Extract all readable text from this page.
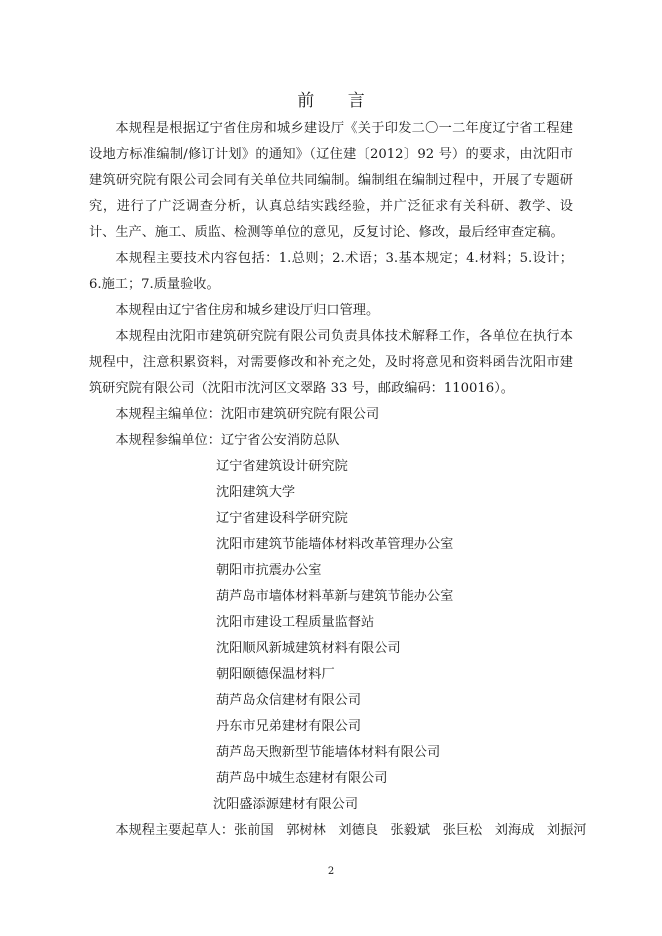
前 言

本规程是根据辽宁省住房和城乡建设厅《关于印发二〇一二年度辽宁省工程建设地方标准编制/修订计划》的通知》（辽住建〔2012〕92 号）的要求，由沈阳市建筑研究院有限公司会同有关单位共同编制。编制组在编制过程中，开展了专题研究，进行了广泛调查分析，认真总结实践经验，并广泛征求有关科研、教学、设计、生产、施工、质监、检测等单位的意见，反复讨论、修改，最后经审查定稿。

本规程主要技术内容包括：1.总则；2.术语；3.基本规定；4.材料；5.设计；6.施工；7.质量验收。

本规程由辽宁省住房和城乡建设厅归口管理。

本规程由沈阳市建筑研究院有限公司负责具体技术解释工作，各单位在执行本规程中，注意积累资料，对需要修改和补充之处，及时将意见和资料函告沈阳市建筑研究院有限公司（沈阳市沈河区文翠路 33 号，邮政编码：110016）。

本规程主编单位：沈阳市建筑研究院有限公司
本规程参编单位：辽宁省公安消防总队
辽宁省建筑设计研究院
沈阳建筑大学
辽宁省建设科学研究院
沈阳市建筑节能墙体材料改革管理办公室
朝阳市抗震办公室
葫芦岛市墙体材料革新与建筑节能办公室
沈阳市建设工程质量监督站
沈阳顺风新城建筑材料有限公司
朝阳颐德保温材料厂
葫芦岛众信建材有限公司
丹东市兄弟建材有限公司
葫芦岛天煦新型节能墙体材料有限公司
葫芦岛中城生态建材有限公司
沈阳盛添源建材有限公司
本规程主要起草人：张前国   郭树林   刘德良   张毅斌   张巨松   刘海成   刘振河
2
